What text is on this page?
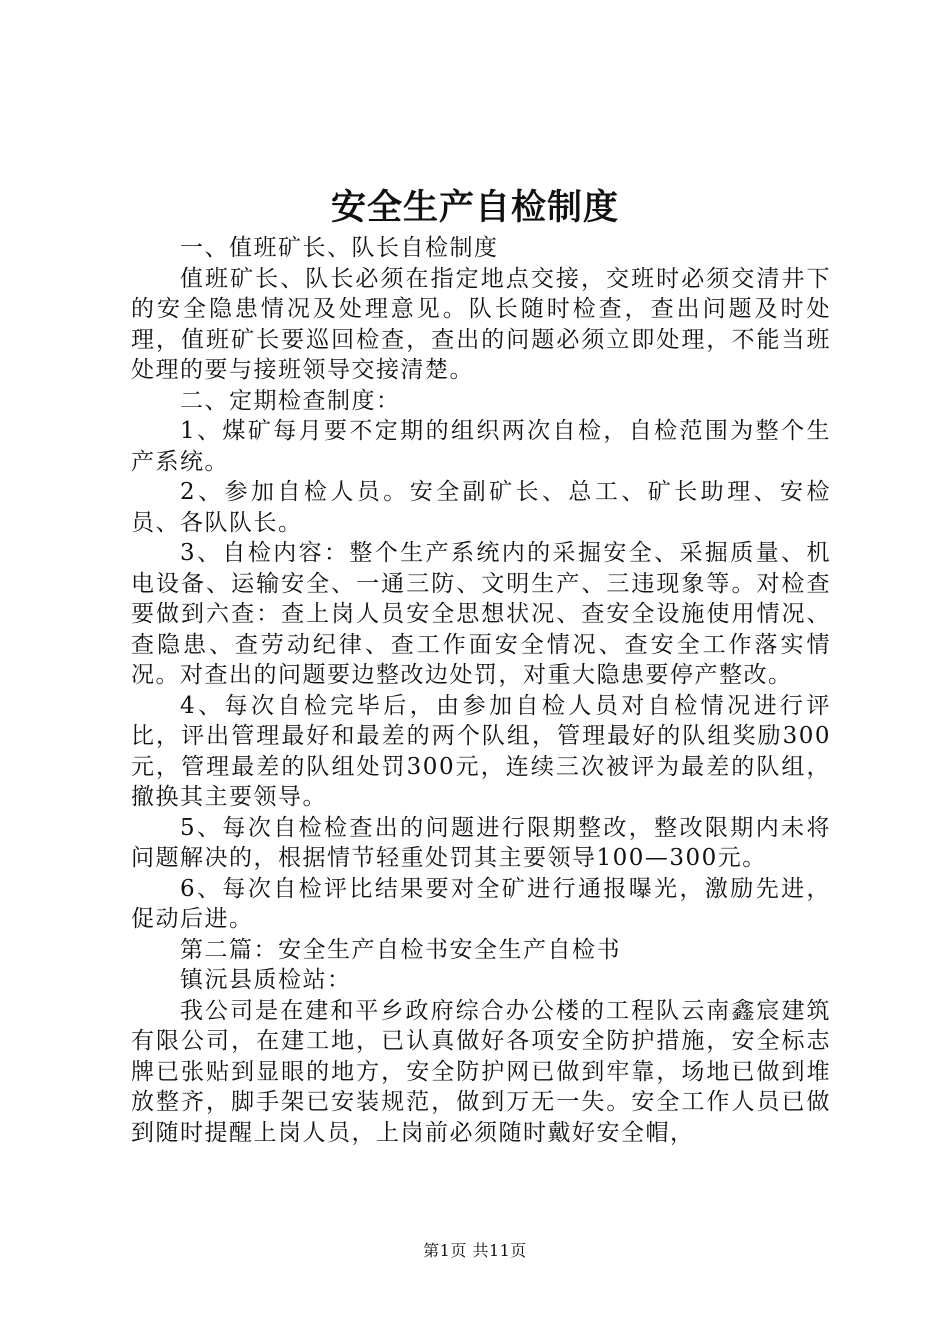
安全生产自检制度

一、值班矿长、队长自检制度

值班矿长、队长必须在指定地点交接，交班时必须交清井下的安全隐患情况及处理意见。队长随时检查，查出问题及时处理，值班矿长要巡回检查，查出的问题必须立即处理，不能当班处理的要与接班领导交接清楚。

二、定期检查制度：

1、煤矿每月要不定期的组织两次自检，自检范围为整个生产系统。

2、参加自检人员。安全副矿长、总工、矿长助理、安检员、各队队长。

3、自检内容：整个生产系统内的采掘安全、采掘质量、机电设备、运输安全、一通三防、文明生产、三违现象等。对检查要做到六查：查上岗人员安全思想状况、查安全设施使用情况、查隐患、查劳动纪律、查工作面安全情况、查安全工作落实情况。对查出的问题要边整改边处罚，对重大隐患要停产整改。

4、每次自检完毕后，由参加自检人员对自检情况进行评比，评出管理最好和最差的两个队组，管理最好的队组奖励300元，管理最差的队组处罚300元，连续三次被评为最差的队组，撤换其主要领导。

5、每次自检检查出的问题进行限期整改，整改限期内未将问题解决的，根据情节轻重处罚其主要领导100—300元。

6、每次自检评比结果要对全矿进行通报曝光，激励先进，促动后进。

第二篇：安全生产自检书安全生产自检书

镇沅县质检站：

我公司是在建和平乡政府综合办公楼的工程队云南鑫宸建筑有限公司，在建工地，已认真做好各项安全防护措施，安全标志牌已张贴到显眼的地方，安全防护网已做到牢靠，场地已做到堆放整齐，脚手架已安装规范，做到万无一失。安全工作人员已做到随时提醒上岗人员，上岗前必须随时戴好安全帽，

第1页 共11页
